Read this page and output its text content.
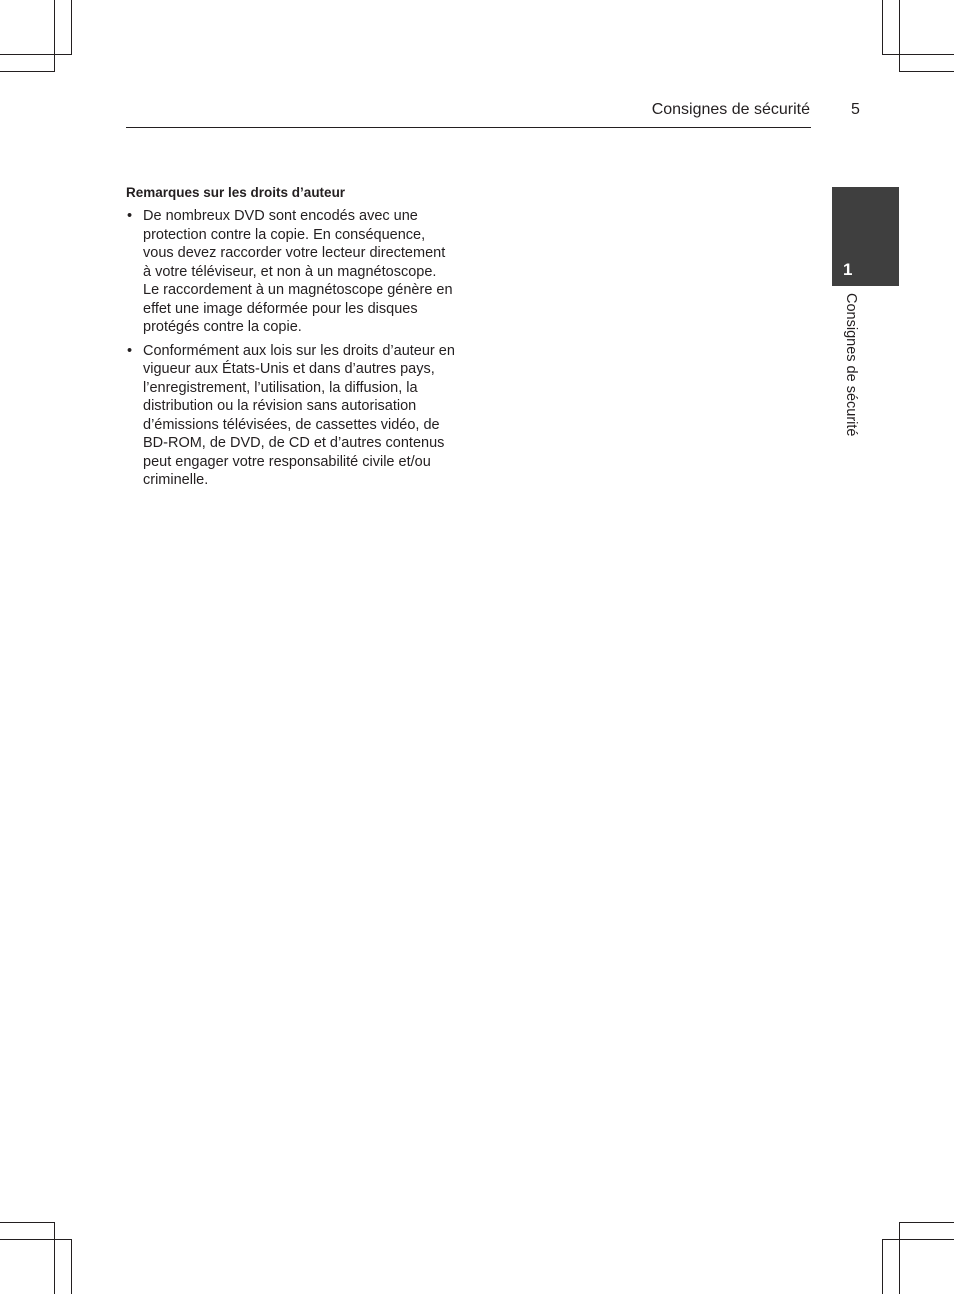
Consignes de sécurité	5
1
Consignes de sécurité
Remarques sur les droits d’auteur
• De nombreux DVD sont encodés avec une protection contre la copie. En conséquence, vous devez raccorder votre lecteur directement à votre téléviseur, et non à un magnétoscope. Le raccordement à un magnétoscope génère en effet une image déformée pour les disques protégés contre la copie.
• Conformément aux lois sur les droits d’auteur en vigueur aux États-Unis et dans d’autres pays, l’enregistrement, l’utilisation, la diffusion, la distribution ou la révision sans autorisation d’émissions télévisées, de cassettes vidéo, de BD-ROM, de DVD, de CD et d’autres contenus peut engager votre responsabilité civile et/ou criminelle.
